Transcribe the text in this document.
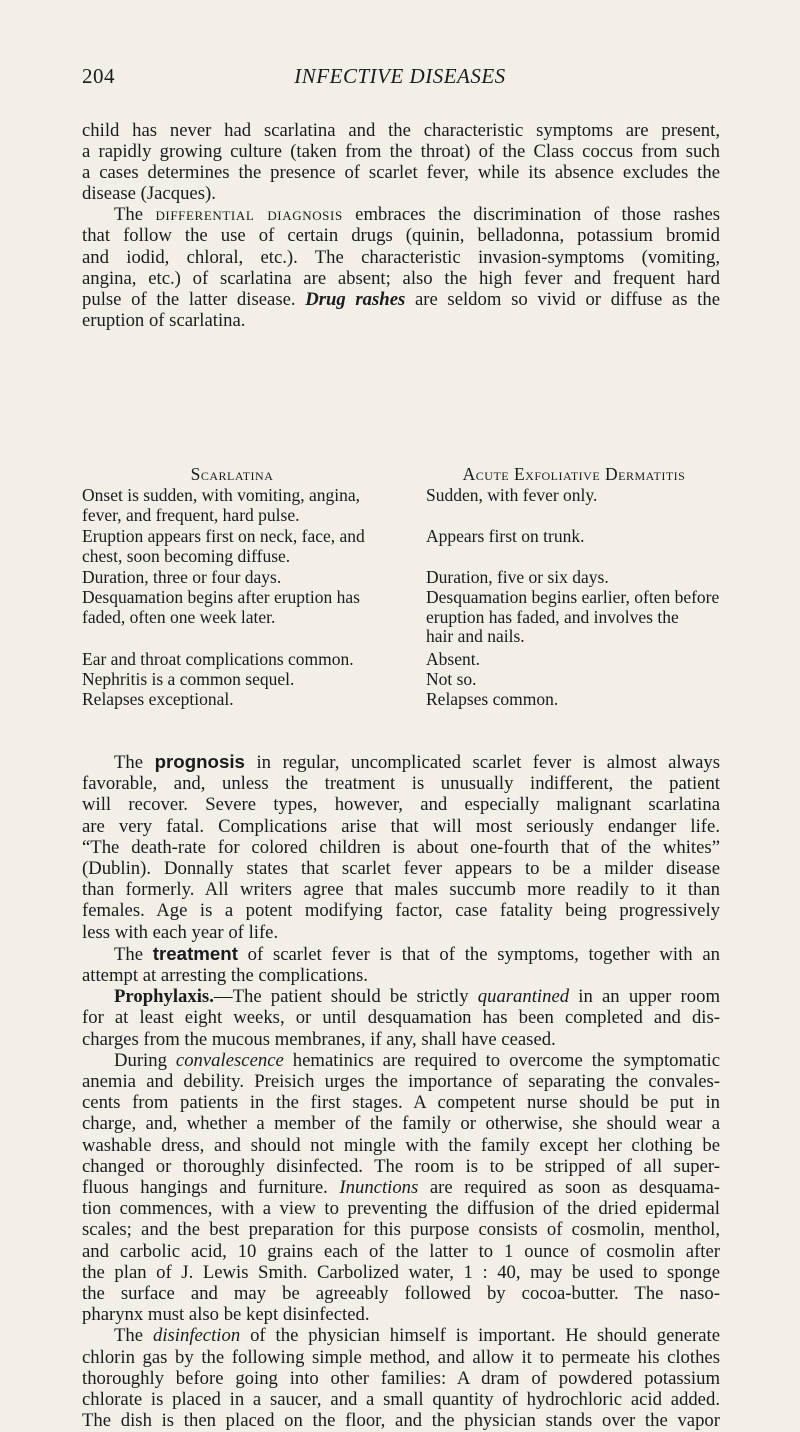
204	INFECTIVE DISEASES

child has never had scarlatina and the characteristic symptoms are present,
a rapidly growing culture (taken from the throat) of the Class coccus from such
a cases determines the presence of scarlet fever, while its absence excludes the
disease (Jacques).

The differential diagnosis embraces the discrimination of those rashes
that follow the use of certain drugs (quinin, belladonna, potassium bromid
and iodid, chloral, etc.). The characteristic invasion-symptoms (vomiting,
angina, etc.) of scarlatina are absent; also the high fever and frequent hard
pulse of the latter disease. Drug rashes are seldom so vivid or diffuse as the
eruption of scarlatina.

Scarlatina
Onset is sudden, with vomiting, angina,
fever, and frequent, hard pulse.
Eruption appears first on neck, face, and
chest, soon becoming diffuse.
Duration, three or four days.
Desquamation begins after eruption has
faded, often one week later.
Ear and throat complications common.
Nephritis is a common sequel.
Relapses exceptional.
Acute Exfoliative Dermatitis
Sudden, with fever only.
Appears first on trunk.
Duration, five or six days.
Desquamation begins earlier, often before
eruption has faded, and involves the
hair and nails.
Absent.
Not so.
Relapses common.

The prognosis in regular, uncomplicated scarlet fever is almost always
favorable, and, unless the treatment is unusually indifferent, the patient
will recover. Severe types, however, and especially malignant scarlatina
are very fatal. Complications arise that will most seriously endanger life.
“The death-rate for colored children is about one-fourth that of the whites”
(Dublin). Donnally states that scarlet fever appears to be a milder disease
than formerly. All writers agree that males succumb more readily to it than
females. Age is a potent modifying factor, case fatality being progressively
less with each year of life.

The treatment of scarlet fever is that of the symptoms, together with an
attempt at arresting the complications.

Prophylaxis.—The patient should be strictly quarantined in an upper room
for at least eight weeks, or until desquamation has been completed and dis-
charges from the mucous membranes, if any, shall have ceased.

During convalescence hematinics are required to overcome the symptomatic
anemia and debility. Preisich urges the importance of separating the convales-
cents from patients in the first stages. A competent nurse should be put in
charge, and, whether a member of the family or otherwise, she should wear a
washable dress, and should not mingle with the family except her clothing be
changed or thoroughly disinfected. The room is to be stripped of all super-
fluous hangings and furniture. Inunctions are required as soon as desquama-
tion commences, with a view to preventing the diffusion of the dried epidermal
scales; and the best preparation for this purpose consists of cosmolin, menthol,
and carbolic acid, 10 grains each of the latter to 1 ounce of cosmolin after
the plan of J. Lewis Smith. Carbolized water, 1 : 40, may be used to sponge
the surface and may be agreeably followed by cocoa-butter. The naso-
pharynx must also be kept disinfected.

The disinfection of the physician himself is important. He should generate
chlorin gas by the following simple method, and allow it to permeate his clothes
thoroughly before going into other families: A dram of powdered potassium
chlorate is placed in a saucer, and a small quantity of hydrochloric acid added.
The dish is then placed on the floor, and the physician stands over the vapor
